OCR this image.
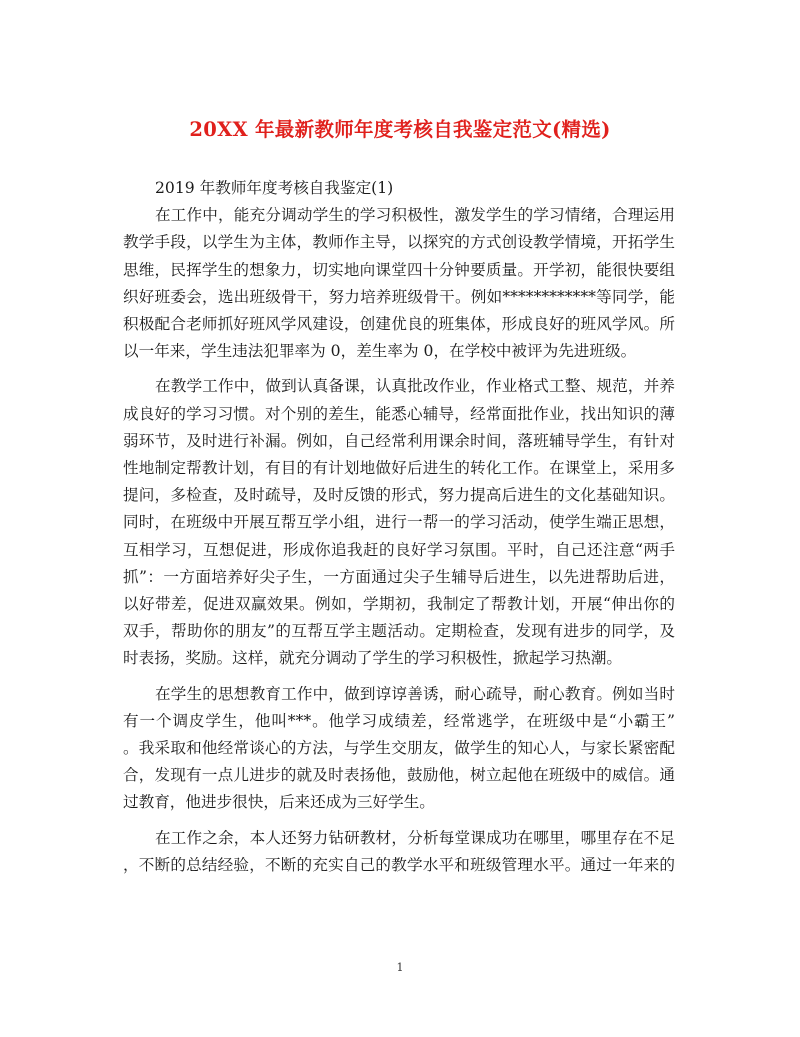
20XX 年最新教师年度考核自我鉴定范文(精选)
2019 年教师年度考核自我鉴定(1)
在工作中，能充分调动学生的学习积极性，激发学生的学习情绪，合理运用
教学手段，以学生为主体，教师作主导，以探究的方式创设教学情境，开拓学生
思维，民挥学生的想象力，切实地向课堂四十分钟要质量。开学初，能很快要组
织好班委会，选出班级骨干，努力培养班级骨干。例如************等同学，能
积极配合老师抓好班风学风建设，创建优良的班集体，形成良好的班风学风。所
以一年来，学生违法犯罪率为 0，差生率为 0，在学校中被评为先进班级。
在教学工作中，做到认真备课，认真批改作业，作业格式工整、规范，并养
成良好的学习习惯。对个别的差生，能悉心辅导，经常面批作业，找出知识的薄
弱环节，及时进行补漏。例如，自己经常利用课余时间，落班辅导学生，有针对
性地制定帮教计划，有目的有计划地做好后进生的转化工作。在课堂上，采用多
提问，多检查，及时疏导，及时反馈的形式，努力提高后进生的文化基础知识。
同时，在班级中开展互帮互学小组，进行一帮一的学习活动，使学生端正思想，
互相学习，互想促进，形成你追我赶的良好学习氛围。平时，自己还注意“两手
抓”：一方面培养好尖子生，一方面通过尖子生辅导后进生，以先进帮助后进，
以好带差，促进双赢效果。例如，学期初，我制定了帮教计划，开展“伸出你的
双手，帮助你的朋友”的互帮互学主题活动。定期检查，发现有进步的同学，及
时表扬，奖励。这样，就充分调动了学生的学习积极性，掀起学习热潮。
在学生的思想教育工作中，做到谆谆善诱，耐心疏导，耐心教育。例如当时
有一个调皮学生，他叫***。他学习成绩差，经常逃学，在班级中是“小霸王”
。我采取和他经常谈心的方法，与学生交朋友，做学生的知心人，与家长紧密配
合，发现有一点儿进步的就及时表扬他，鼓励他，树立起他在班级中的威信。通
过教育，他进步很快，后来还成为三好学生。
在工作之余，本人还努力钻研教材，分析每堂课成功在哪里，哪里存在不足
，不断的总结经验，不断的充实自己的教学水平和班级管理水平。通过一年来的
1
